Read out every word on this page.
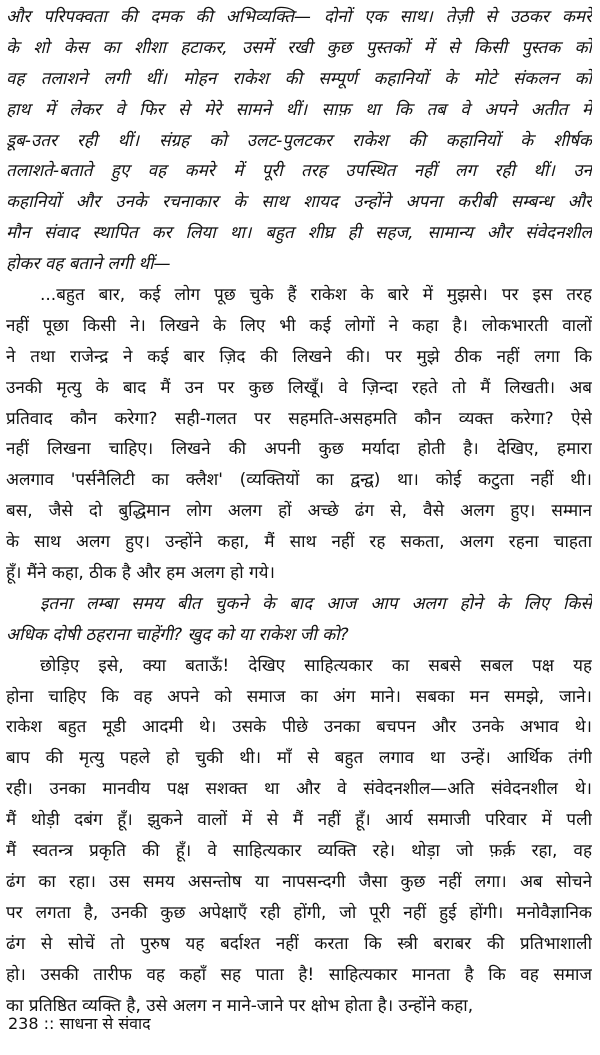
और परिपक्वता की दमक की अभिव्यक्ति— दोनों एक साथ। तेज़ी से उठकर कमरे
के शो केस का शीशा हटाकर, उसमें रखी कुछ पुस्तकों में से किसी पुस्तक को
वह तलाशने लगी थीं। मोहन राकेश की सम्पूर्ण कहानियों के मोटे संकलन को
हाथ में लेकर वे फिर से मेरे सामने थीं। साफ़ था कि तब वे अपने अतीत में
डूब-उतर रही थीं। संग्रह को उलट-पुलटकर राकेश की कहानियों के शीर्षक
तलाशते-बताते हुए वह कमरे में पूरी तरह उपस्थित नहीं लग रही थीं। उन
कहानियों और उनके रचनाकार के साथ शायद उन्होंने अपना करीबी सम्बन्ध और
मौन संवाद स्थापित कर लिया था। बहुत शीघ्र ही सहज, सामान्य और संवेदनशील
होकर वह बताने लगी थीं—
...बहुत बार, कई लोग पूछ चुके हैं राकेश के बारे में मुझसे। पर इस तरह
नहीं पूछा किसी ने। लिखने के लिए भी कई लोगों ने कहा है। लोकभारती वालों
ने तथा राजेन्द्र ने कई बार ज़िद की लिखने की। पर मुझे ठीक नहीं लगा कि
उनकी मृत्यु के बाद मैं उन पर कुछ लिखूँ। वे ज़िन्दा रहते तो मैं लिखती। अब
प्रतिवाद कौन करेगा? सही-गलत पर सहमति-असहमति कौन व्यक्त करेगा? ऐसे
नहीं लिखना चाहिए। लिखने की अपनी कुछ मर्यादा होती है। देखिए, हमारा
अलगाव 'पर्सनैलिटी का क्लैश' (व्यक्तियों का द्वन्द्व) था। कोई कटुता नहीं थी।
बस, जैसे दो बुद्धिमान लोग अलग हों अच्छे ढंग से, वैसे अलग हुए। सम्मान
के साथ अलग हुए। उन्होंने कहा, मैं साथ नहीं रह सकता, अलग रहना चाहता
हूँ। मैंने कहा, ठीक है और हम अलग हो गये।
इतना लम्बा समय बीत चुकने के बाद आज आप अलग होने के लिए किसे
अधिक दोषी ठहराना चाहेंगी? खुद को या राकेश जी को?
छोड़िए इसे, क्या बताऊँ! देखिए साहित्यकार का सबसे सबल पक्ष यह
होना चाहिए कि वह अपने को समाज का अंग माने। सबका मन समझे, जाने।
राकेश बहुत मूडी आदमी थे। उसके पीछे उनका बचपन और उनके अभाव थे।
बाप की मृत्यु पहले हो चुकी थी। माँ से बहुत लगाव था उन्हें। आर्थिक तंगी
रही। उनका मानवीय पक्ष सशक्त था और वे संवेदनशील—अति संवेदनशील थे।
मैं थोड़ी दबंग हूँ। झुकने वालों में से मैं नहीं हूँ। आर्य समाजी परिवार में पली
मैं स्वतन्त्र प्रकृति की हूँ। वे साहित्यकार व्यक्ति रहे। थोड़ा जो फ़र्क़ रहा, वह
ढंग का रहा। उस समय असन्तोष या नापसन्दगी जैसा कुछ नहीं लगा। अब सोचने
पर लगता है, उनकी कुछ अपेक्षाएँ रही होंगी, जो पूरी नहीं हुई होंगी। मनोवैज्ञानिक
ढंग से सोचें तो पुरुष यह बर्दाश्त नहीं करता कि स्त्री बराबर की प्रतिभाशाली
हो। उसकी तारीफ वह कहाँ सह पाता है! साहित्यकार मानता है कि वह समाज
का प्रतिष्ठित व्यक्ति है, उसे अलग न माने-जाने पर क्षोभ होता है। उन्होंने कहा,
238 :: साधना से संवाद
